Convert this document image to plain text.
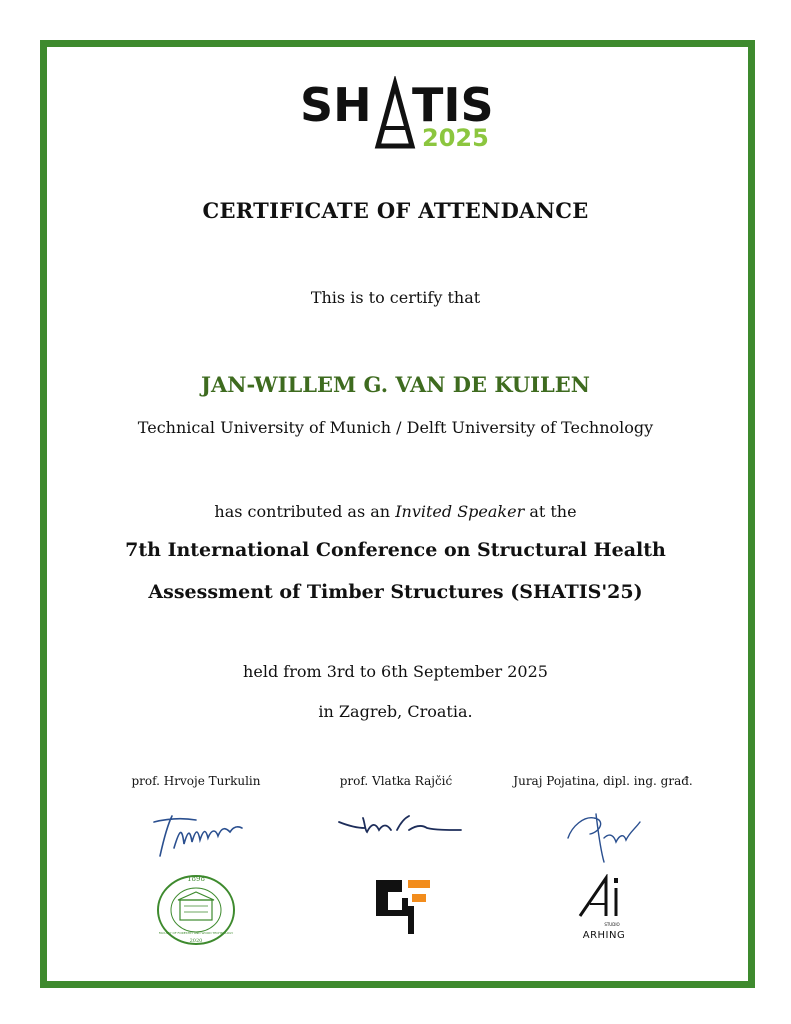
SH TIS
2025
CERTIFICATE OF ATTENDANCE
This is to certify that
JAN-WILLEM G. VAN DE KUILEN
Technical University of Munich / Delft University of Technology
has contributed as an Invited Speaker at the
7th International Conference on Structural Health
Assessment of Timber Structures (SHATIS'25)
held from 3rd to 6th September 2025
in Zagreb, Croatia.
prof. Hrvoje Turkulin	prof. Vlatka Rajčić	Juraj Pojatina, dipl. ing. građ.
1898
2020
FACULTY OF FORESTRY AND WOOD TECHNOLOGY
STUDIO
ARHING
